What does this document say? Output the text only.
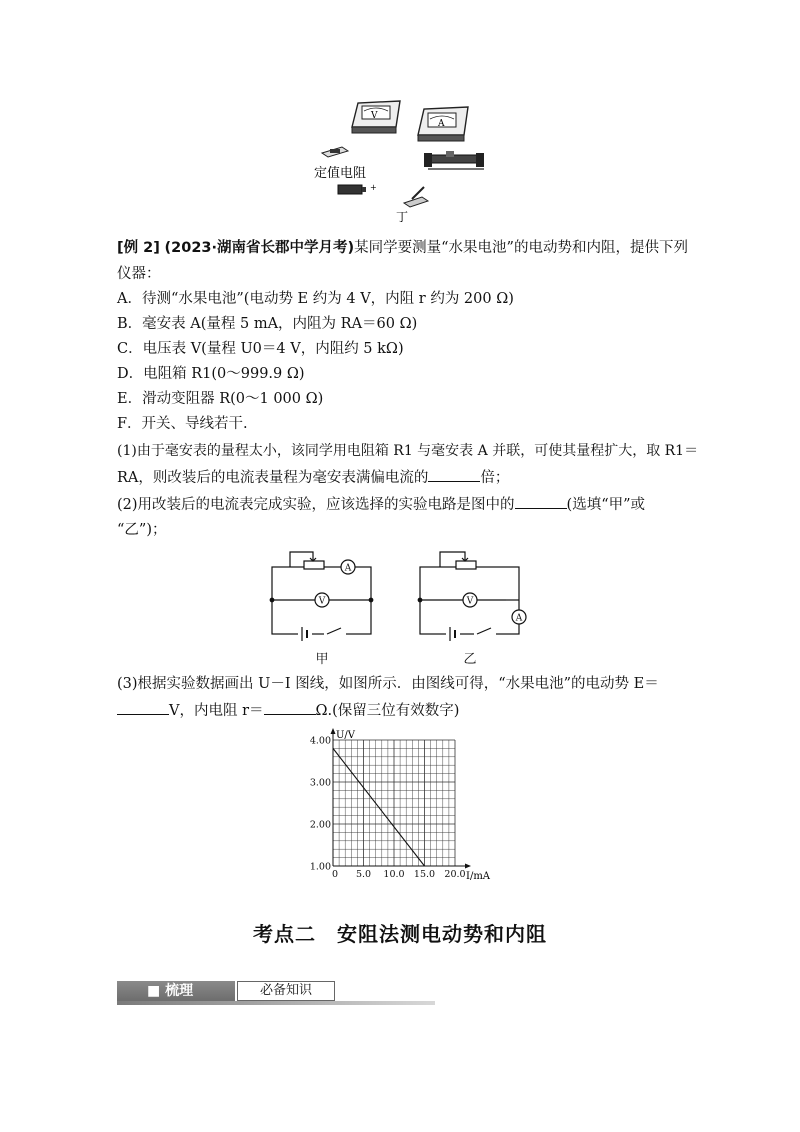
V
A
定值电阻
+
丁
[例 2] (2023·湖南省长郡中学月考)某同学要测量“水果电池”的电动势和内阻，提供下列
仪器：
A．待测“水果电池”(电动势 E 约为 4 V，内阻 r 约为 200 Ω)
B．毫安表 A(量程 5 mA，内阻为 RA＝60 Ω)
C．电压表 V(量程 U0＝4 V，内阻约 5 kΩ)
D．电阻箱 R1(0～999.9 Ω)
E．滑动变阻器 R(0～1 000 Ω)
F．开关、导线若干.
(1)由于毫安表的量程太小，该同学用电阻箱 R1 与毫安表 A 并联，可使其量程扩大，取 R1＝
RA，则改装后的电流表量程为毫安表满偏电流的	倍；
(2)用改装后的电流表完成实验，应该选择的实验电路是图中的	(选填“甲”或
“乙”)；
A
V
A
V
甲	乙
(3)根据实验数据画出 U－I 图线，如图所示．由图线可得，“水果电池”的电动势 E＝
V，内电阻 r＝	Ω.(保留三位有效数字)
0 5.0 10.0 15.0 20.0
1.00
2.00
3.00
4.00 U/V
I/mA
考点二　安阻法测电动势和内阻
■ 梳理	必备知识
